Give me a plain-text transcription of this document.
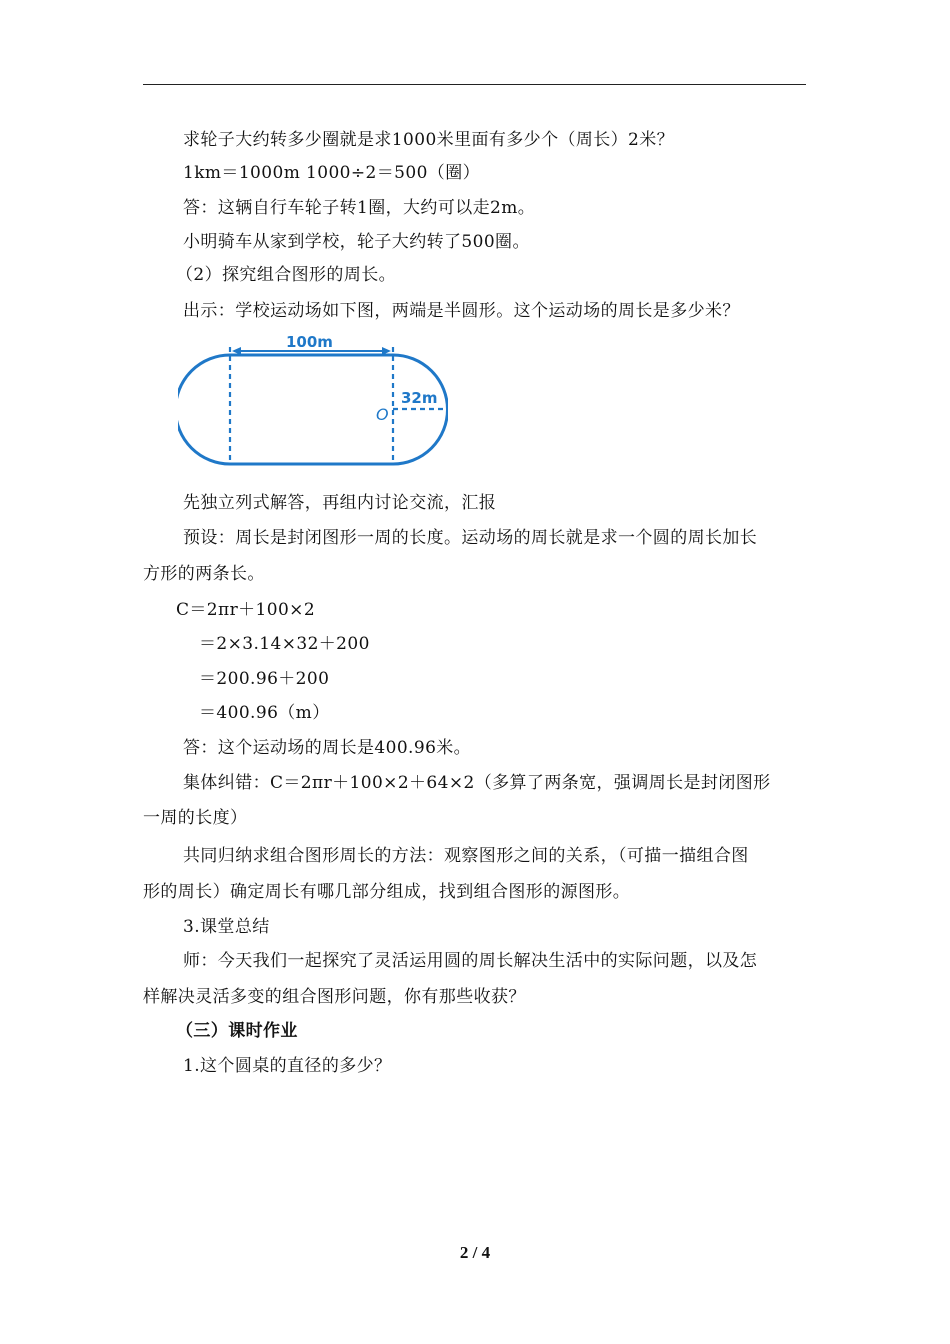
求轮子大约转多少圈就是求1000米里面有多少个（周长）2米？
1km＝1000m 1000÷2＝500（圈）
答：这辆自行车轮子转1圈，大约可以走2m。
小明骑车从家到学校，轮子大约转了500圈。
（2）探究组合图形的周长。
出示：学校运动场如下图，两端是半圆形。这个运动场的周长是多少米？
100m
32m
O
先独立列式解答，再组内讨论交流，汇报
预设：周长是封闭图形一周的长度。运动场的周长就是求一个圆的周长加长
方形的两条长。
C＝2πr＋100×2
＝2×3.14×32＋200
＝200.96＋200
＝400.96（m）
答：这个运动场的周长是400.96米。
集体纠错：C＝2πr＋100×2＋64×2（多算了两条宽，强调周长是封闭图形
一周的长度）
共同归纳求组合图形周长的方法：观察图形之间的关系，（可描一描组合图
形的周长）确定周长有哪几部分组成，找到组合图形的源图形。
3.课堂总结
师：今天我们一起探究了灵活运用圆的周长解决生活中的实际问题，以及怎
样解决灵活多变的组合图形问题，你有那些收获？
（三）课时作业
1.这个圆桌的直径的多少？
2 / 4
